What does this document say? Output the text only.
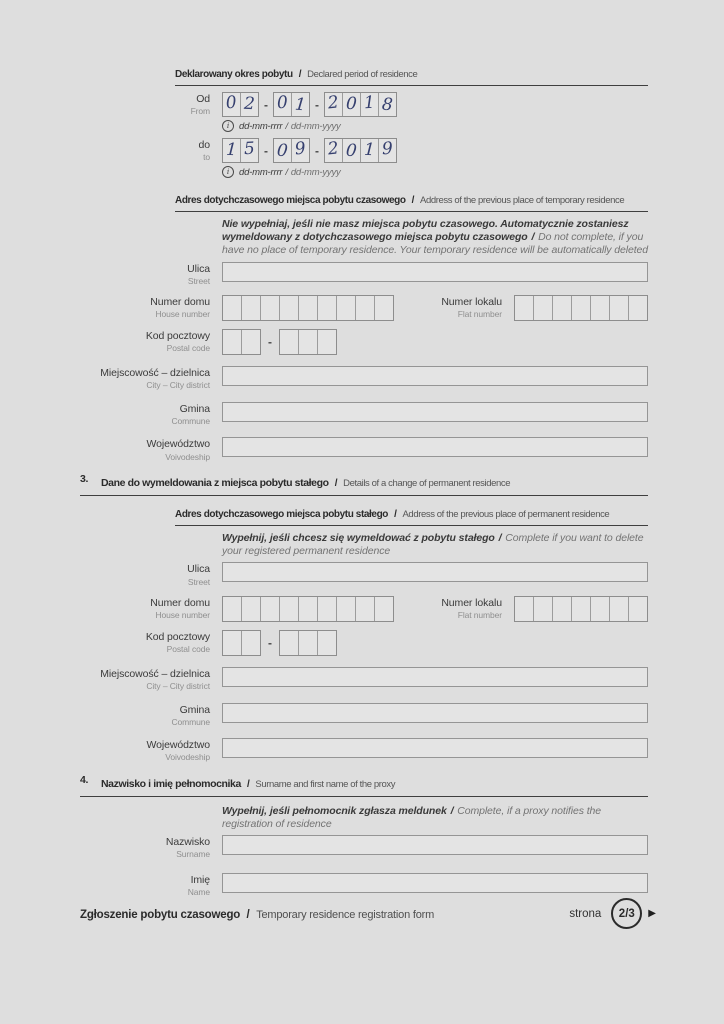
Deklarowany okres pobytu / Declared period of residence
Od
From 0 2 - 0 1 - 2 0 1 8
i	dd-mm-rrrr / dd-mm-yyyy
do
to 1 5 - 0 9 - 2 0 1 9
i	dd-mm-rrrr / dd-mm-yyyy
Adres dotychczasowego miejsca pobytu czasowego / Address of the previous place of temporary residence

Nie wypełniaj, jeśli nie masz miejsca pobytu czasowego. Automatycznie zostaniesz wymeldowany z dotychczasowego miejsca pobytu czasowego / Do not complete, if you have no place of temporary residence. Your temporary residence will be automatically deleted

Ulica
Street
Numer domu
House number
Numer lokalu
Flat number
Kod pocztowy
Postal code	-
Miejscowość – dzielnica
City – City district
Gmina
Commune
Województwo
Voivodeship
3.	Dane do wymeldowania z miejsca pobytu stałego / Details of a change of permanent residence
Adres dotychczasowego miejsca pobytu stałego / Address of the previous place of permanent residence

Wypełnij, jeśli chcesz się wymeldować z pobytu stałego / Complete if you want to delete your registered permanent residence

Ulica
Street
Numer domu
House number
Numer lokalu
Flat number
Kod pocztowy
Postal code	-
Miejscowość – dzielnica
City – City district
Gmina
Commune
Województwo
Voivodeship
4.	Nazwisko i imię pełnomocnika / Surname and first name of the proxy

Wypełnij, jeśli pełnomocnik zgłasza meldunek / Complete, if a proxy notifies the registration of residence

Nazwisko
Surname
Imię
Name
Zgłoszenie pobytu czasowego / Temporary residence registration form	strona	2/3	▶
